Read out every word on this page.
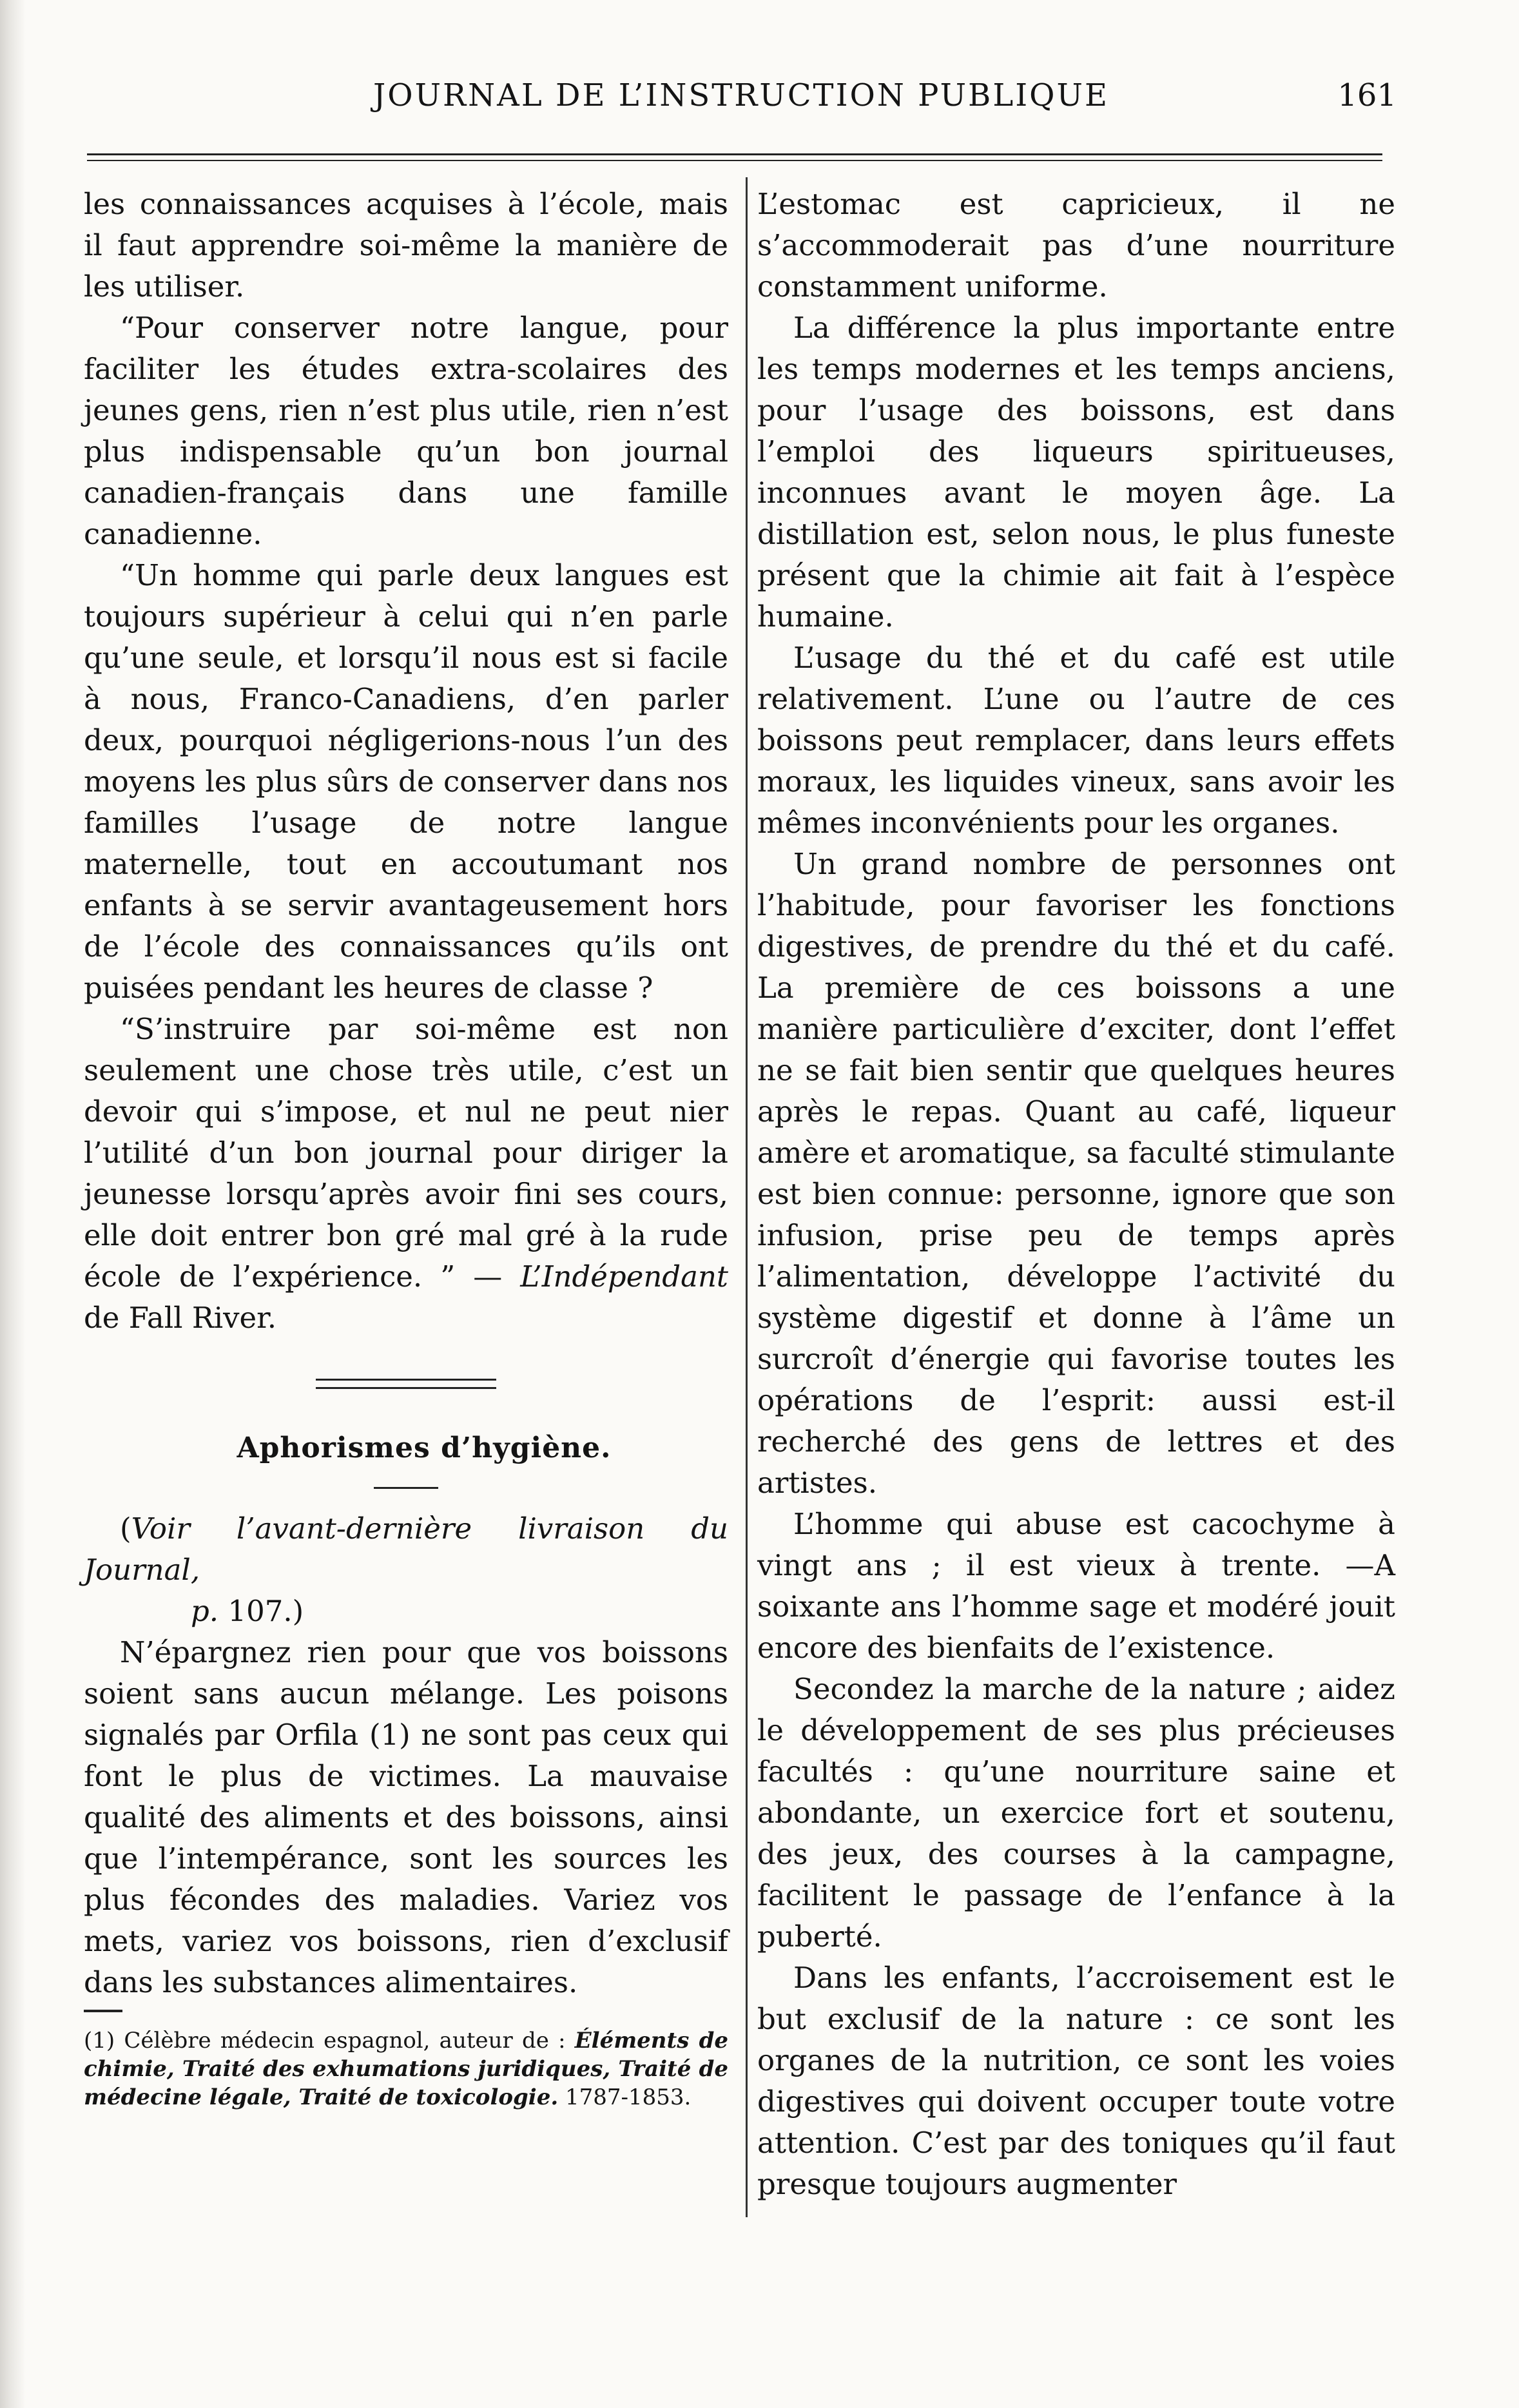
JOURNAL DE L’INSTRUCTION PUBLIQUE	161

les connaissances acquises à l’école, mais il faut apprendre soi-même la manière de les utiliser.

“Pour conserver notre langue, pour faciliter les études extra-scolaires des jeunes gens, rien n’est plus utile, rien n’est plus indispensable qu’un bon journal canadien-français dans une famille canadienne.

“Un homme qui parle deux langues est toujours supérieur à celui qui n’en parle qu’une seule, et lorsqu’il nous est si facile à nous, Franco-Canadiens, d’en parler deux, pourquoi négligerions-nous l’un des moyens les plus sûrs de conserver dans nos familles l’usage de notre langue maternelle, tout en accoutumant nos enfants à se servir avantageusement hors de l’école des connaissances qu’ils ont puisées pendant les heures de classe ?

“S’instruire par soi-même est non seulement une chose très utile, c’est un devoir qui s’impose, et nul ne peut nier l’utilité d’un bon journal pour diriger la jeunesse lorsqu’après avoir fini ses cours, elle doit entrer bon gré mal gré à la rude école de l’expérience. ” — L’Indépendant de Fall River.

Aphorismes d’hygiène.

(Voir l’avant-dernière livraison du Journal,

p. 107.)

N’épargnez rien pour que vos boissons soient sans aucun mélange. Les poisons signalés par Orfila (1) ne sont pas ceux qui font le plus de victimes. La mauvaise qualité des aliments et des boissons, ainsi que l’intempérance, sont les sources les plus fécondes des maladies. Variez vos mets, variez vos boissons, rien d’exclusif dans les substances alimentaires.

(1) Célèbre médecin espagnol, auteur de : Éléments de chimie, Traité des exhumations juridiques, Traité de médecine légale, Traité de toxicologie. 1787-1853.

L’estomac est capricieux, il ne s’accommoderait pas d’une nourriture constamment uniforme.

La différence la plus importante entre les temps modernes et les temps anciens, pour l’usage des boissons, est dans l’emploi des liqueurs spiritueuses, inconnues avant le moyen âge. La distillation est, selon nous, le plus funeste présent que la chimie ait fait à l’espèce humaine.

L’usage du thé et du café est utile relativement. L’une ou l’autre de ces boissons peut remplacer, dans leurs effets moraux, les liquides vineux, sans avoir les mêmes inconvénients pour les organes.

Un grand nombre de personnes ont l’habitude, pour favoriser les fonctions digestives, de prendre du thé et du café. La première de ces boissons a une manière particulière d’exciter, dont l’effet ne se fait bien sentir que quelques heures après le repas. Quant au café, liqueur amère et aromatique, sa faculté stimulante est bien connue: personne, ignore que son infusion, prise peu de temps après l’alimentation, développe l’activité du système digestif et donne à l’âme un surcroît d’énergie qui favorise toutes les opérations de l’esprit: aussi est-il recherché des gens de lettres et des artistes.

L’homme qui abuse est cacochyme à vingt ans ; il est vieux à trente. —A soixante ans l’homme sage et modéré jouit encore des bienfaits de l’existence.

Secondez la marche de la nature ; aidez le développement de ses plus précieuses facultés : qu’une nourriture saine et abondante, un exercice fort et soutenu, des jeux, des courses à la campagne, facilitent le passage de l’enfance à la puberté.

Dans les enfants, l’accroisement est le but exclusif de la nature : ce sont les organes de la nutrition, ce sont les voies digestives qui doivent occuper toute votre attention. C’est par des toniques qu’il faut presque toujours augmenter
